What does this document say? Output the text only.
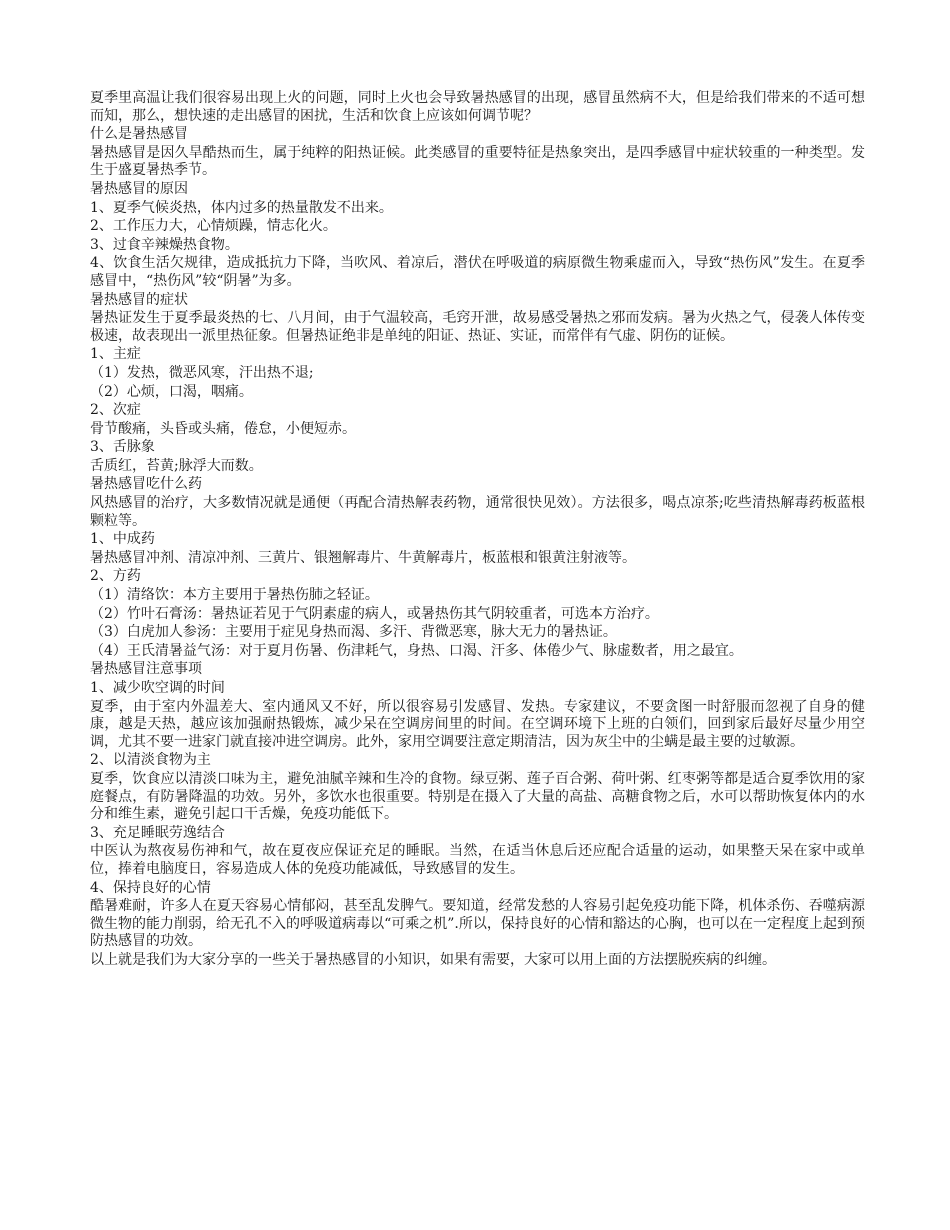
夏季里高温让我们很容易出现上火的问题，同时上火也会导致暑热感冒的出现，感冒虽然病不大，但是给我们带来的不适可想而知，那么，想快速的走出感冒的困扰，生活和饮食上应该如何调节呢？

什么是暑热感冒

暑热感冒是因久旱酷热而生，属于纯粹的阳热证候。此类感冒的重要特征是热象突出，是四季感冒中症状较重的一种类型。发生于盛夏暑热季节。

暑热感冒的原因

1、夏季气候炎热，体内过多的热量散发不出来。

2、工作压力大，心情烦躁，情志化火。

3、过食辛辣燥热食物。

4、饮食生活欠规律，造成抵抗力下降，当吹风、着凉后，潜伏在呼吸道的病原微生物乘虚而入，导致“热伤风”发生。在夏季感冒中，“热伤风”较“阴暑”为多。

暑热感冒的症状

暑热证发生于夏季最炎热的七、八月间，由于气温较高，毛窍开泄，故易感受暑热之邪而发病。暑为火热之气，侵袭人体传变极速，故表现出一派里热征象。但暑热证绝非是单纯的阳证、热证、实证，而常伴有气虚、阴伤的证候。

1、主症

（1）发热，微恶风寒，汗出热不退;

（2）心烦，口渴，咽痛。

2、次症

骨节酸痛，头昏或头痛，倦怠，小便短赤。

3、舌脉象

舌质红，苔黄;脉浮大而数。

暑热感冒吃什么药

风热感冒的治疗，大多数情况就是通便（再配合清热解表药物，通常很快见效）。方法很多，喝点凉茶;吃些清热解毒药板蓝根颗粒等。

1、中成药

暑热感冒冲剂、清凉冲剂、三黄片、银翘解毒片、牛黄解毒片，板蓝根和银黄注射液等。

2、方药

（1）清络饮：本方主要用于暑热伤肺之轻证。

（2）竹叶石膏汤：暑热证若见于气阴素虚的病人，或暑热伤其气阴较重者，可选本方治疗。

（3）白虎加人参汤：主要用于症见身热而渴、多汗、背微恶寒，脉大无力的暑热证。

（4）王氏清暑益气汤：对于夏月伤暑、伤津耗气，身热、口渴、汗多、体倦少气、脉虚数者，用之最宜。

暑热感冒注意事项

1、减少吹空调的时间

夏季，由于室内外温差大、室内通风又不好，所以很容易引发感冒、发热。专家建议，不要贪图一时舒服而忽视了自身的健康，越是天热，越应该加强耐热锻炼，减少呆在空调房间里的时间。在空调环境下上班的白领们，回到家后最好尽量少用空调，尤其不要一进家门就直接冲进空调房。此外，家用空调要注意定期清洁，因为灰尘中的尘螨是最主要的过敏源。

2、以清淡食物为主

夏季，饮食应以清淡口味为主，避免油腻辛辣和生冷的食物。绿豆粥、莲子百合粥、荷叶粥、红枣粥等都是适合夏季饮用的家庭餐点，有防暑降温的功效。另外，多饮水也很重要。特别是在摄入了大量的高盐、高糖食物之后，水可以帮助恢复体内的水分和维生素，避免引起口干舌燥，免疫功能低下。

3、充足睡眠劳逸结合

中医认为熬夜易伤神和气，故在夏夜应保证充足的睡眠。当然，在适当休息后还应配合适量的运动，如果整天呆在家中或单位，捧着电脑度日，容易造成人体的免疫功能减低，导致感冒的发生。

4、保持良好的心情

酷暑难耐，许多人在夏天容易心情郁闷，甚至乱发脾气。要知道，经常发愁的人容易引起免疫功能下降，机体杀伤、吞噬病源微生物的能力削弱，给无孔不入的呼吸道病毒以“可乘之机”.所以，保持良好的心情和豁达的心胸，也可以在一定程度上起到预防热感冒的功效。

以上就是我们为大家分享的一些关于暑热感冒的小知识，如果有需要，大家可以用上面的方法摆脱疾病的纠缠。
